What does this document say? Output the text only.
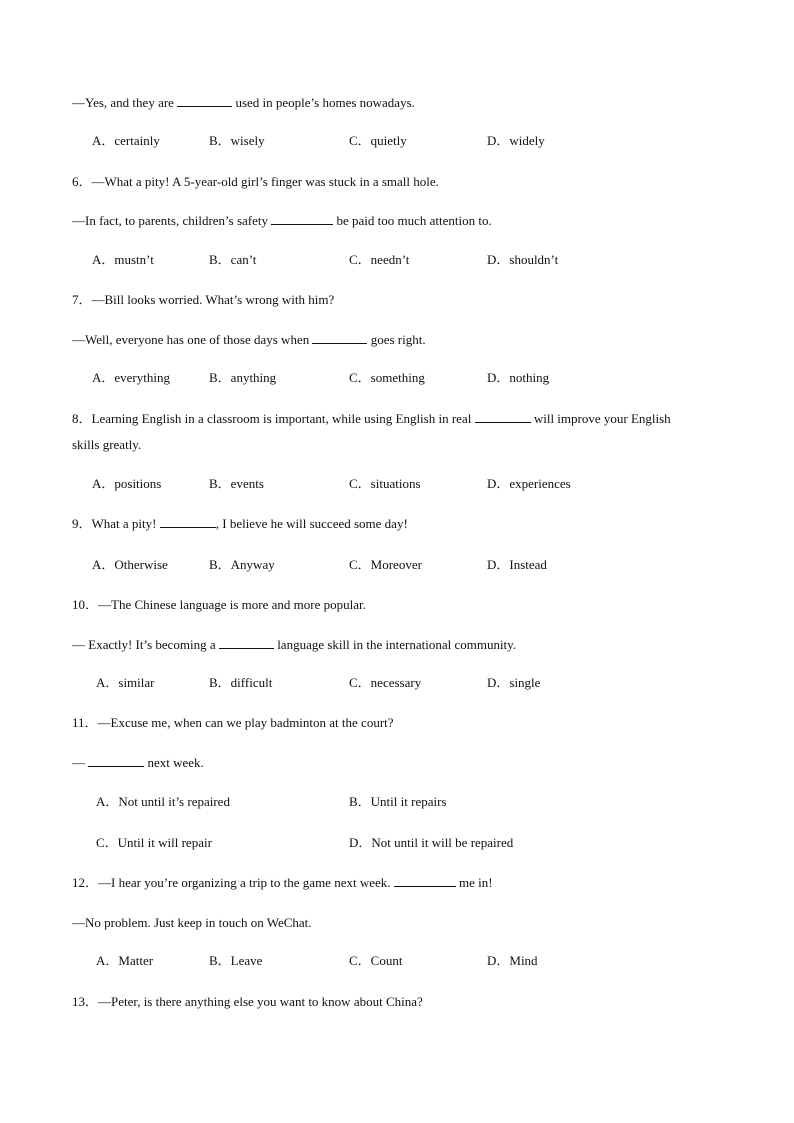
—Yes, and they are	used in people’s homes nowadays.
A．certainly	B．wisely	C．quietly	D．widely
6．—What a pity! A 5-year-old girl’s finger was stuck in a small hole.
—In fact, to parents, children’s safety	be paid too much attention to.
A．mustn’t	B．can’t	C．needn’t	D．shouldn’t
7．—Bill looks worried. What’s wrong with him?
—Well, everyone has one of those days when	goes right.
A．everything	B．anything	C．something	D．nothing
8．Learning English in a classroom is important, while using English in real	will improve your English
skills greatly.
A．positions	B．events	C．situations	D．experiences
9．What a pity!	, I believe he will succeed some day!
A．Otherwise	B．Anyway	C．Moreover	D．Instead
10．—The Chinese language is more and more popular.
— Exactly! It’s becoming a	language skill in the international community.
A．similar	B．difficult	C．necessary	D．single
11．—Excuse me, when can we play badminton at the court?
—	next week.
A．Not until it’s repaired	B．Until it repairs
C．Until it will repair	D．Not until it will be repaired
12．—I hear you’re organizing a trip to the game next week.	me in!
—No problem. Just keep in touch on WeChat.
A．Matter	B．Leave	C．Count	D．Mind
13．—Peter, is there anything else you want to know about China?
